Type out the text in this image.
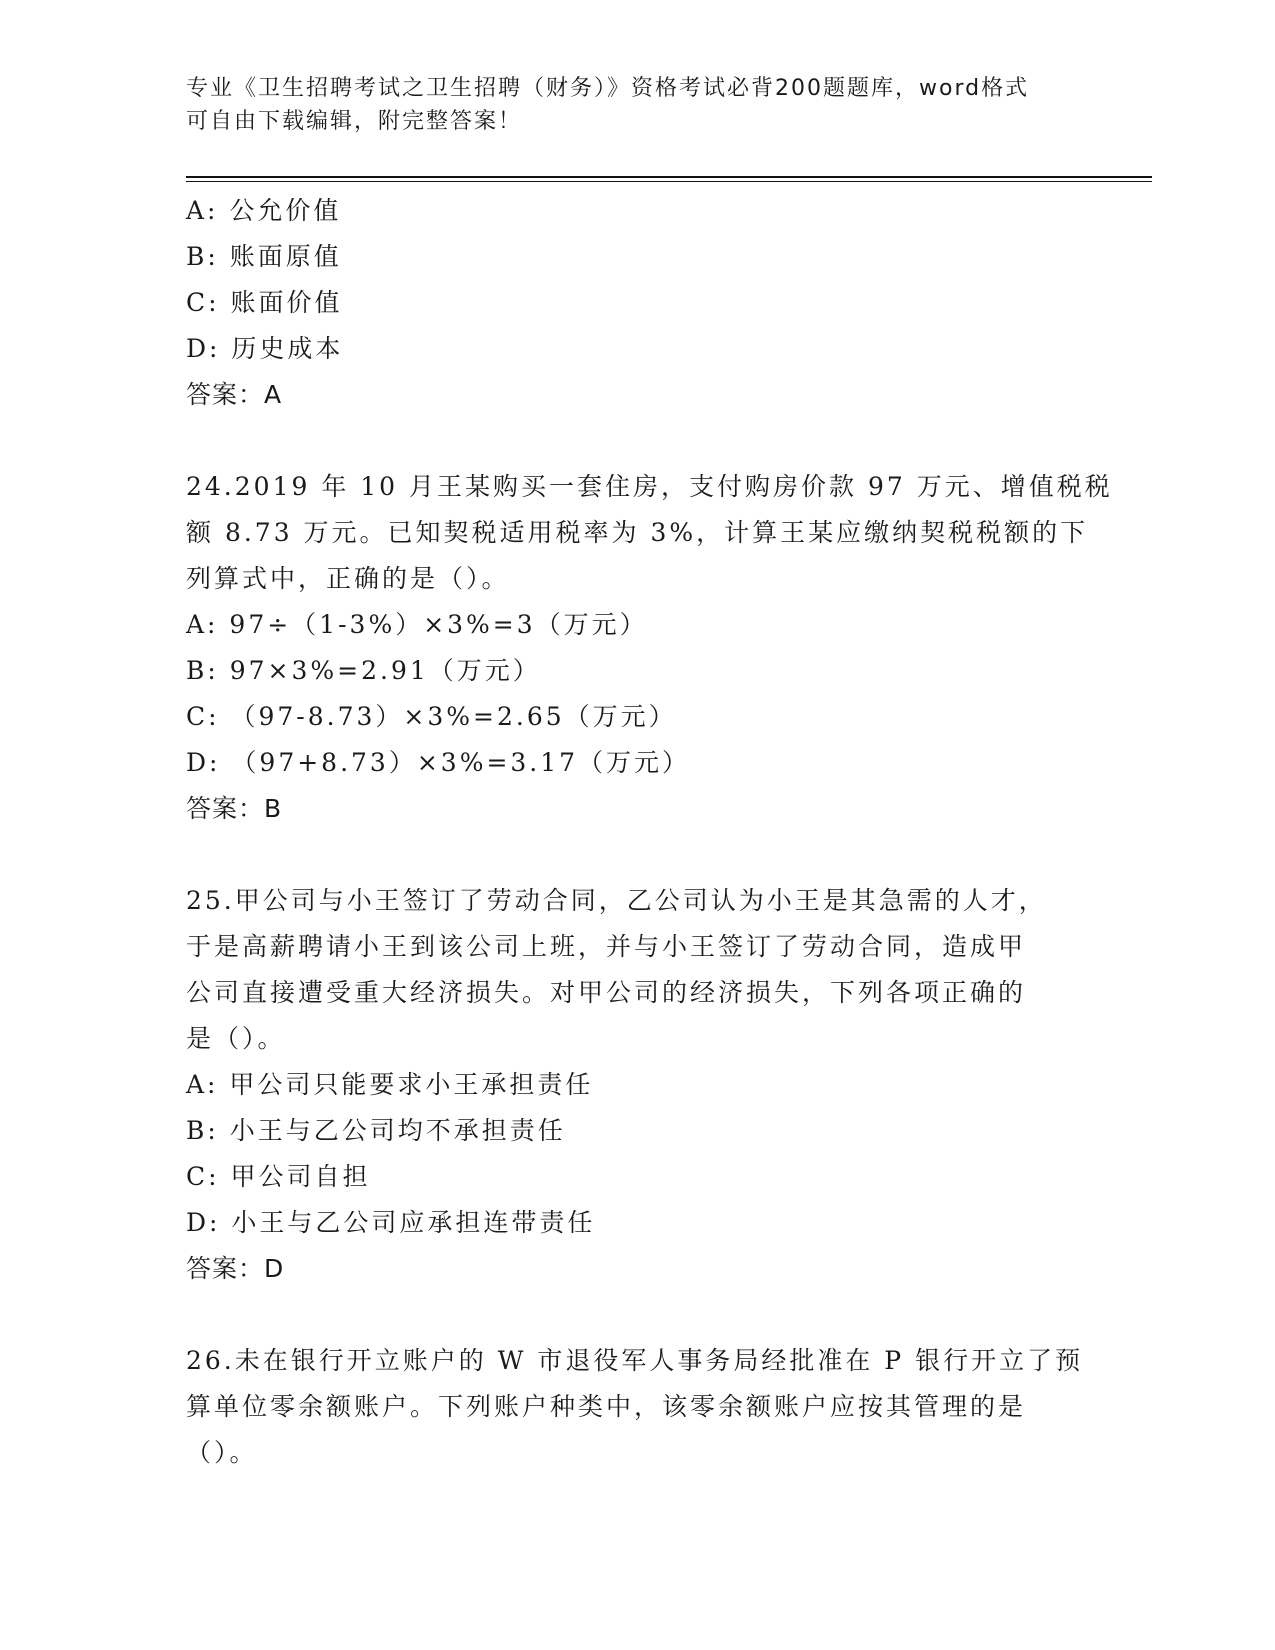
专业《卫生招聘考试之卫生招聘（财务）》资格考试必背200题题库，word格式
可自由下载编辑，附完整答案！
A: 公允价值
B: 账面原值
C: 账面价值
D: 历史成本
答案：A
24.2019 年 10 月王某购买一套住房，支付购房价款 97 万元、增值税税
额 8.73 万元。已知契税适用税率为 3%，计算王某应缴纳契税税额的下
列算式中，正确的是（）。
A: 97÷（1-3%）×3%=3（万元）
B: 97×3%=2.91（万元）
C: （97-8.73）×3%=2.65（万元）
D: （97+8.73）×3%=3.17（万元）
答案：B
25.甲公司与小王签订了劳动合同，乙公司认为小王是其急需的人才，
于是高薪聘请小王到该公司上班，并与小王签订了劳动合同，造成甲
公司直接遭受重大经济损失。对甲公司的经济损失，下列各项正确的
是（）。
A: 甲公司只能要求小王承担责任
B: 小王与乙公司均不承担责任
C: 甲公司自担
D: 小王与乙公司应承担连带责任
答案：D
26.未在银行开立账户的 W 市退役军人事务局经批准在 P 银行开立了预
算单位零余额账户。下列账户种类中，该零余额账户应按其管理的是
（）。
